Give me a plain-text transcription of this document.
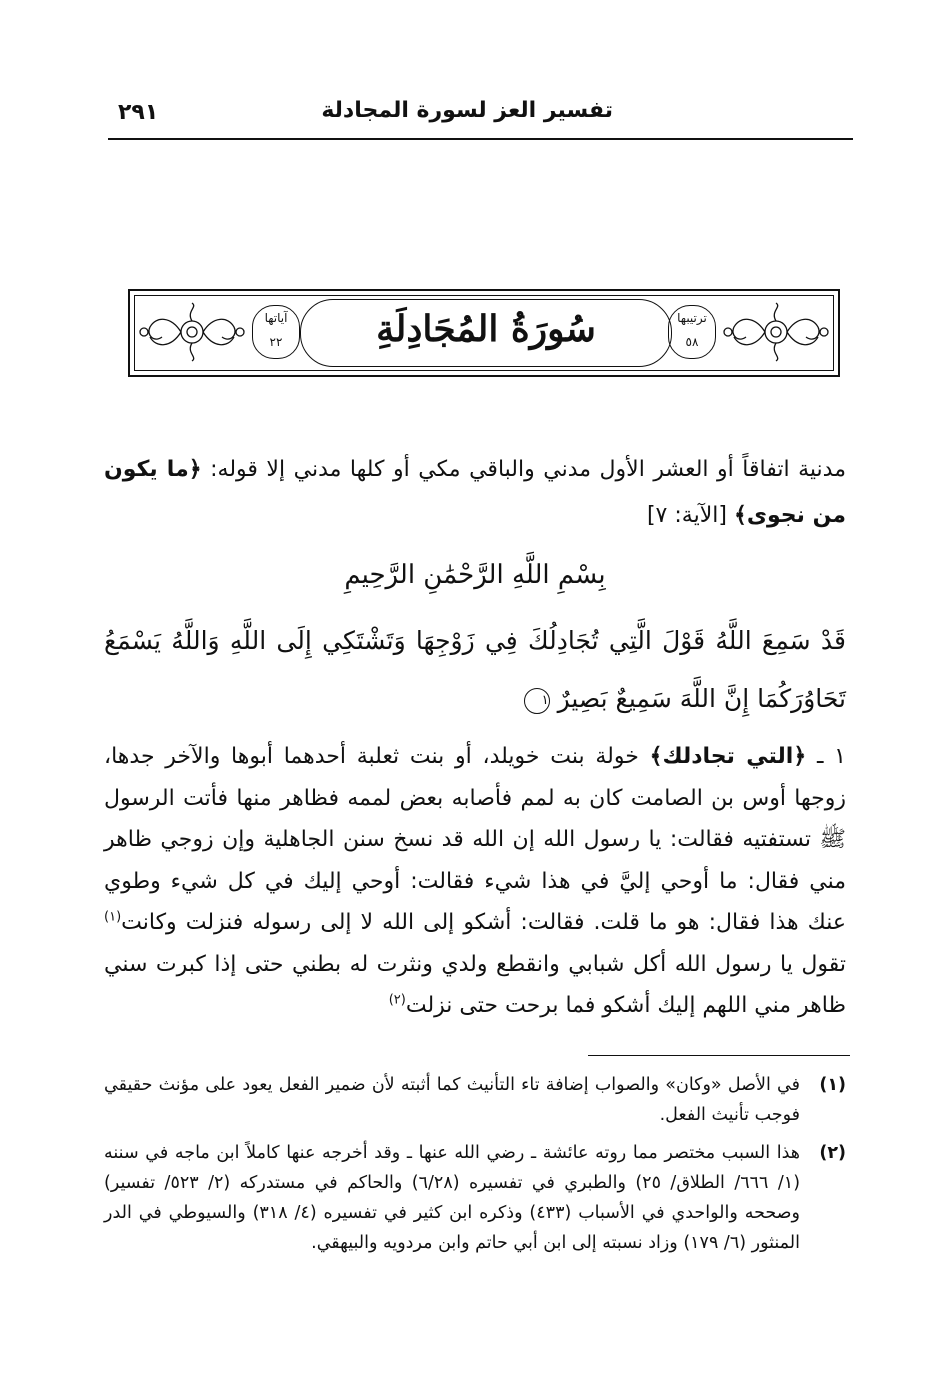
تفسير العز لسورة المجادلة
٢٩١
ترتيبها
٥٨
سُورَةُ المُجَادِلَةِ
آياتها
٢٢
مدنية اتفاقاً أو العشر الأول مدني والباقي مكي أو كلها مدني إلا قوله: ﴿ما يكون من نجوى﴾ [الآية: ٧]
بِسْمِ اللَّهِ الرَّحْمَٰنِ الرَّحِيمِ
قَدْ سَمِعَ اللَّهُ قَوْلَ الَّتِي تُجَادِلُكَ فِي زَوْجِهَا وَتَشْتَكِي إِلَى اللَّهِ وَاللَّهُ يَسْمَعُ تَحَاوُرَكُمَا إِنَّ اللَّهَ سَمِيعٌ بَصِيرٌ ١
١ ـ ﴿التي تجادلك﴾ خولة بنت خويلد، أو بنت ثعلبة أحدهما أبوها والآخر جدها، زوجها أوس بن الصامت كان به لمم فأصابه بعض لممه فظاهر منها فأتت الرسول ﷺ تستفتيه فقالت: يا رسول الله إن الله قد نسخ سنن الجاهلية وإن زوجي ظاهر مني فقال: ما أوحي إليَّ في هذا شيء فقالت: أوحي إليك في كل شيء وطوي عنك هذا فقال: هو ما قلت. فقالت: أشكو إلى الله لا إلى رسوله فنزلت وكانت$^{(١)}$ تقول يا رسول الله أكل شبابي وانقطع ولدي ونثرت له بطني حتى إذا كبرت سني ظاهر مني اللهم إليك أشكو فما برحت حتى نزلت$^{(٢)}$
(١)
في الأصل «وكان» والصواب إضافة تاء التأنيث كما أثبته لأن ضمير الفعل يعود على مؤنث حقيقي فوجب تأنيث الفعل.
(٢)
هذا السبب مختصر مما روته عائشة ـ رضي الله عنها ـ وقد أخرجه عنها كاملاً ابن ماجه في سننه (١/ ٦٦٦/ الطلاق/ ٢٥) والطبري في تفسيره (٦/٢٨) والحاكم في مستدركه (٢/ ٥٢٣/ تفسير) وصححه والواحدي في الأسباب (٤٣٣) وذكره ابن كثير في تفسيره (٤/ ٣١٨) والسيوطي في الدر المنثور (٦/ ١٧٩) وزاد نسبته إلى ابن أبي حاتم وابن مردويه والبيهقي.
